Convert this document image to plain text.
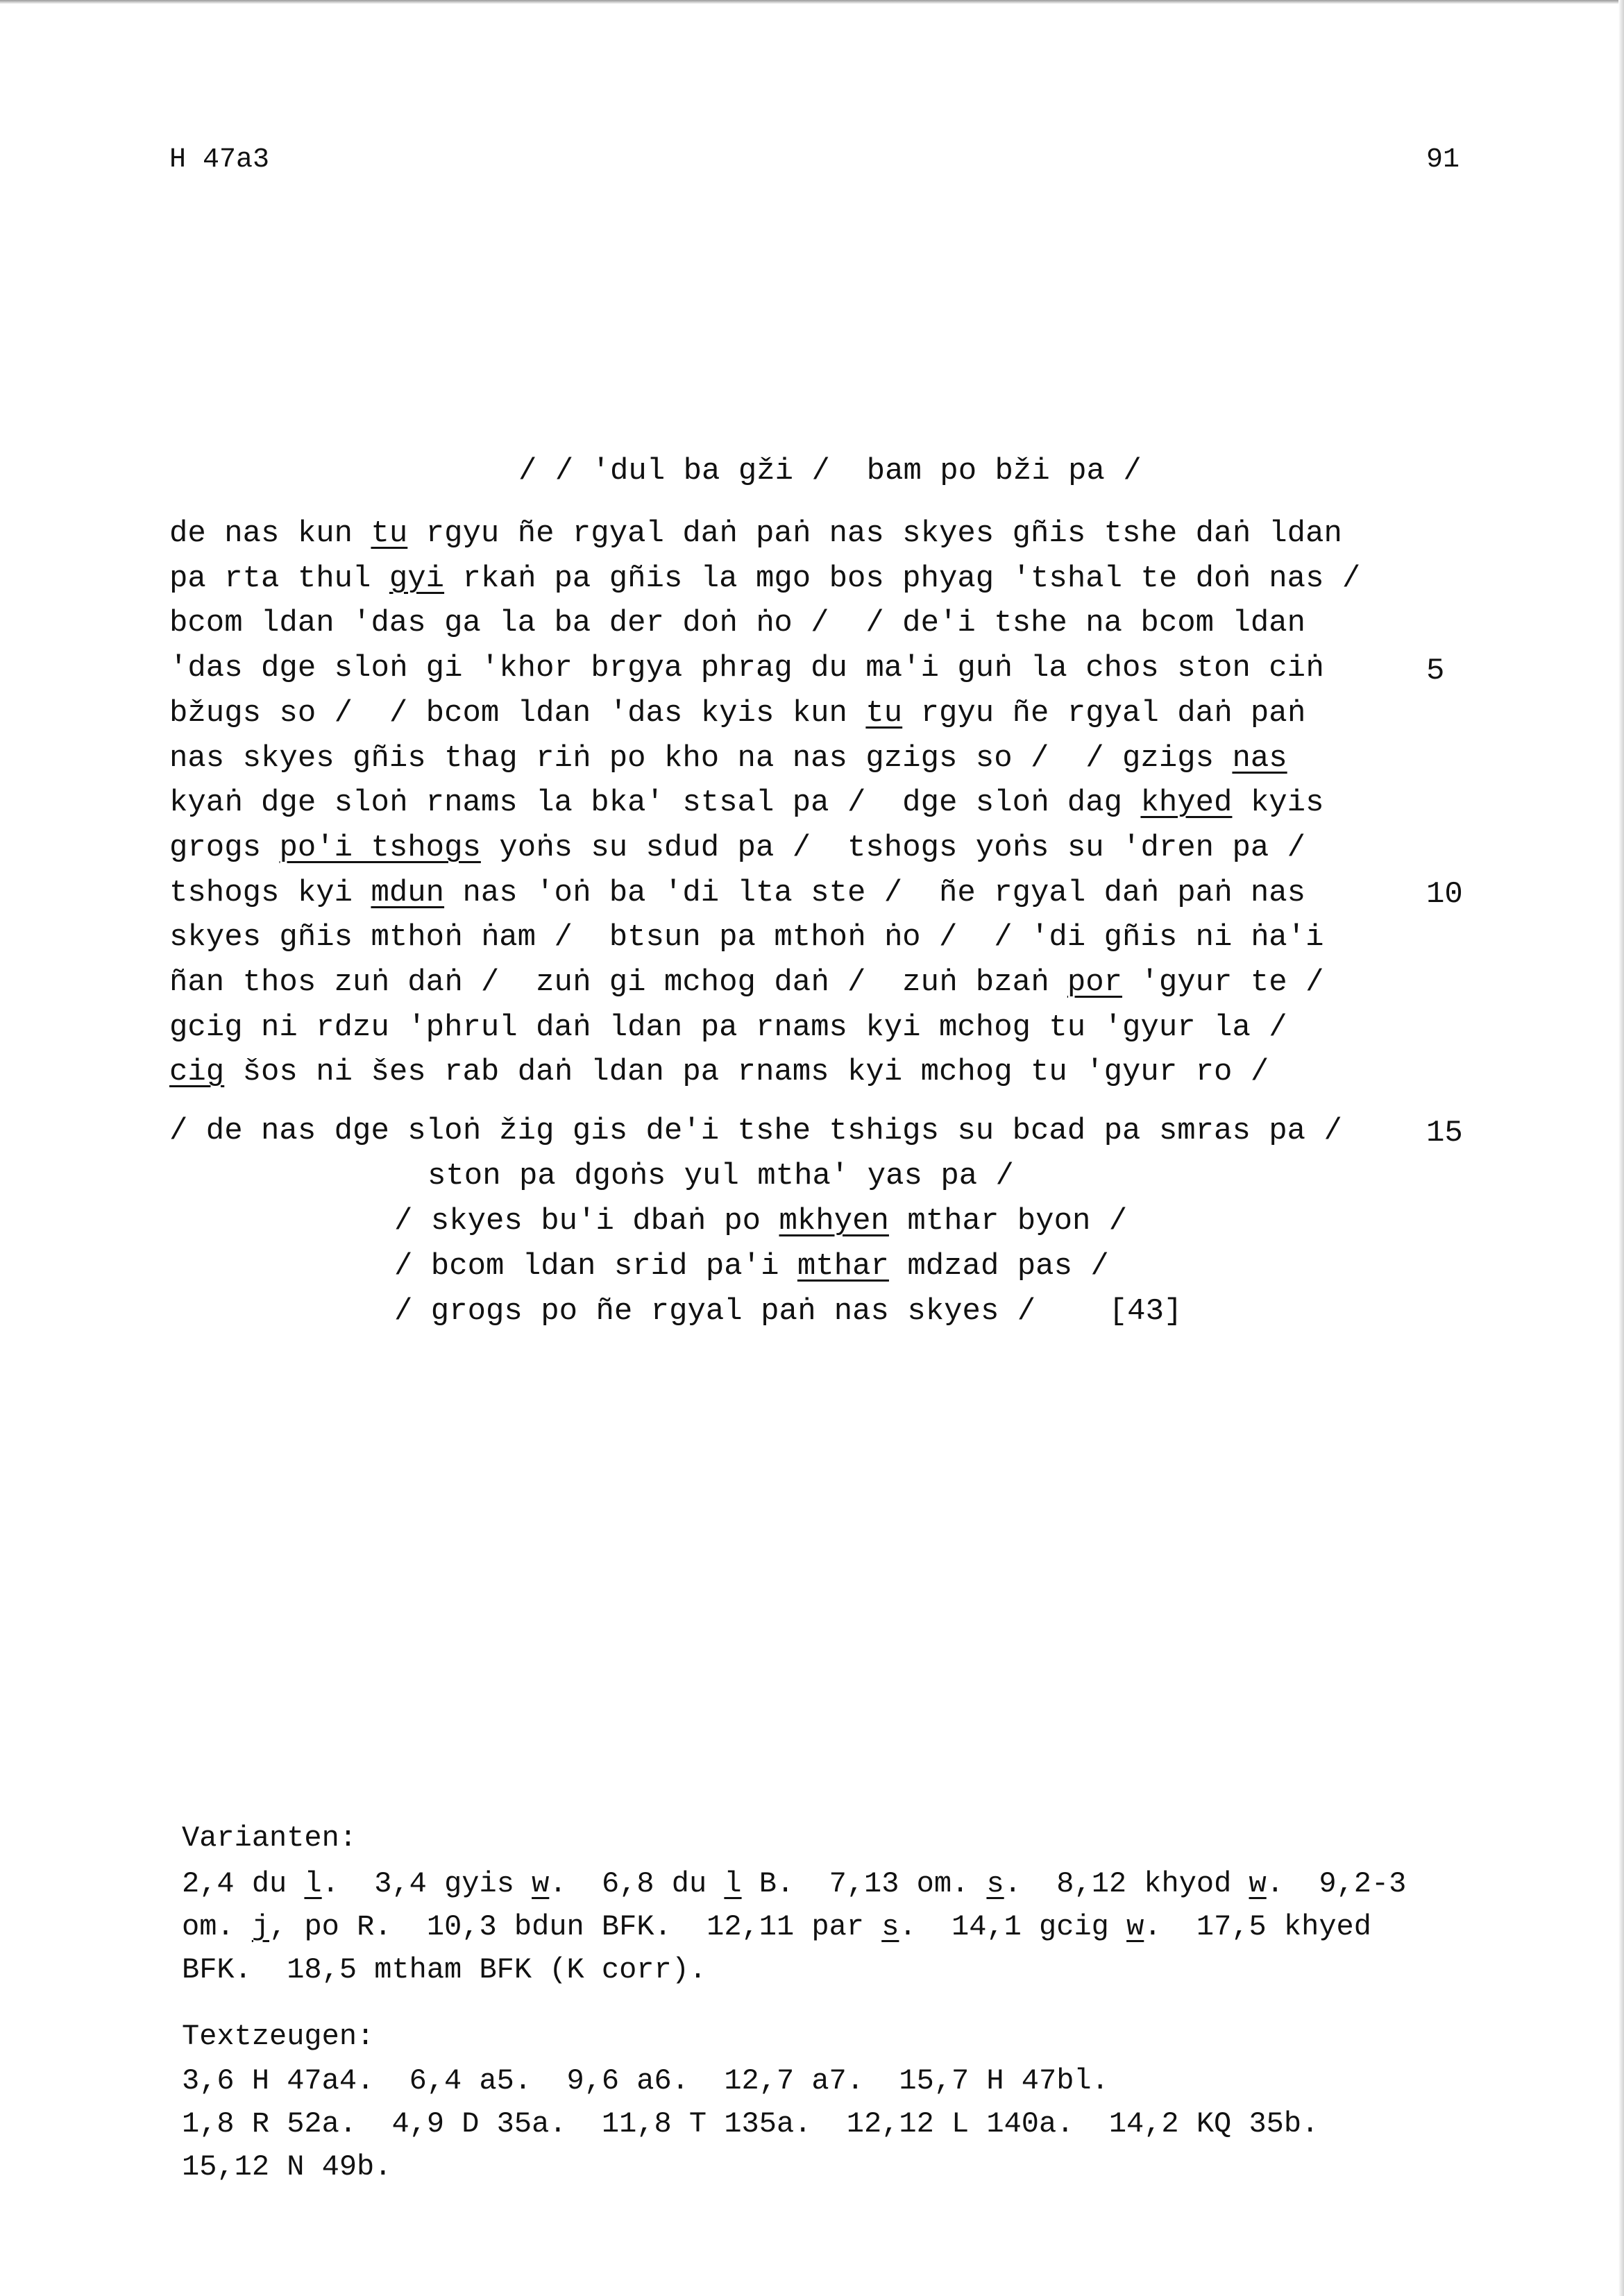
H 47a3	91
/ / 'dul ba gži /  bam po bži pa /
de nas kun tu rgyu ñe rgyal daṅ paṅ nas skyes gñis tshe daṅ ldan
pa rta thul gyi rkaṅ pa gñis la mgo bos phyag 'tshal te doṅ nas /
bcom ldan 'das ga la ba der doṅ ṅo /  / de'i tshe na bcom ldan
'das dge sloṅ gi 'khor brgya phrag du ma'i guṅ la chos ston ciṅ
bžugs so /  / bcom ldan 'das kyis kun tu rgyu ñe rgyal daṅ paṅ
nas skyes gñis thag riṅ po kho na nas gzigs so /  / gzigs nas
kyaṅ dge sloṅ rnams la bka' stsal pa /  dge sloṅ dag khyed kyis
grogs po'i tshogs yoṅs su sdud pa /  tshogs yoṅs su 'dren pa /
tshogs kyi mdun nas 'oṅ ba 'di lta ste /  ñe rgyal daṅ paṅ nas
skyes gñis mthoṅ ṅam /  btsun pa mthoṅ ṅo /  / 'di gñis ni ṅa'i
ñan thos zuṅ daṅ /  zuṅ gi mchog daṅ /  zuṅ bzaṅ por 'gyur te /
gcig ni rdzu 'phrul daṅ ldan pa rnams kyi mchog tu 'gyur la /
cig šos ni šes rab daṅ ldan pa rnams kyi mchog tu 'gyur ro /
/ de nas dge sloṅ žig gis de'i tshe tshigs su bcad pa smras pa /
ston pa dgoṅs yul mtha' yas pa /
/ skyes bu'i dbaṅ po mkhyen mthar byon /
/ bcom ldan srid pa'i mthar mdzad pas /
/ grogs po ñe rgyal paṅ nas skyes /    [43]
5
10
15
Varianten:
2,4 du l.  3,4 gyis w.  6,8 du l B.  7,13 om. s.  8,12 khyod w.  9,2-3
om. j, po R.  10,3 bdun BFK.  12,11 par s.  14,1 gcig w.  17,5 khyed
BFK.  18,5 mtham BFK (K corr).
Textzeugen:
3,6 H 47a4.  6,4 a5.  9,6 a6.  12,7 a7.  15,7 H 47bl.
1,8 R 52a.  4,9 D 35a.  11,8 T 135a.  12,12 L 140a.  14,2 KQ 35b.
15,12 N 49b.
